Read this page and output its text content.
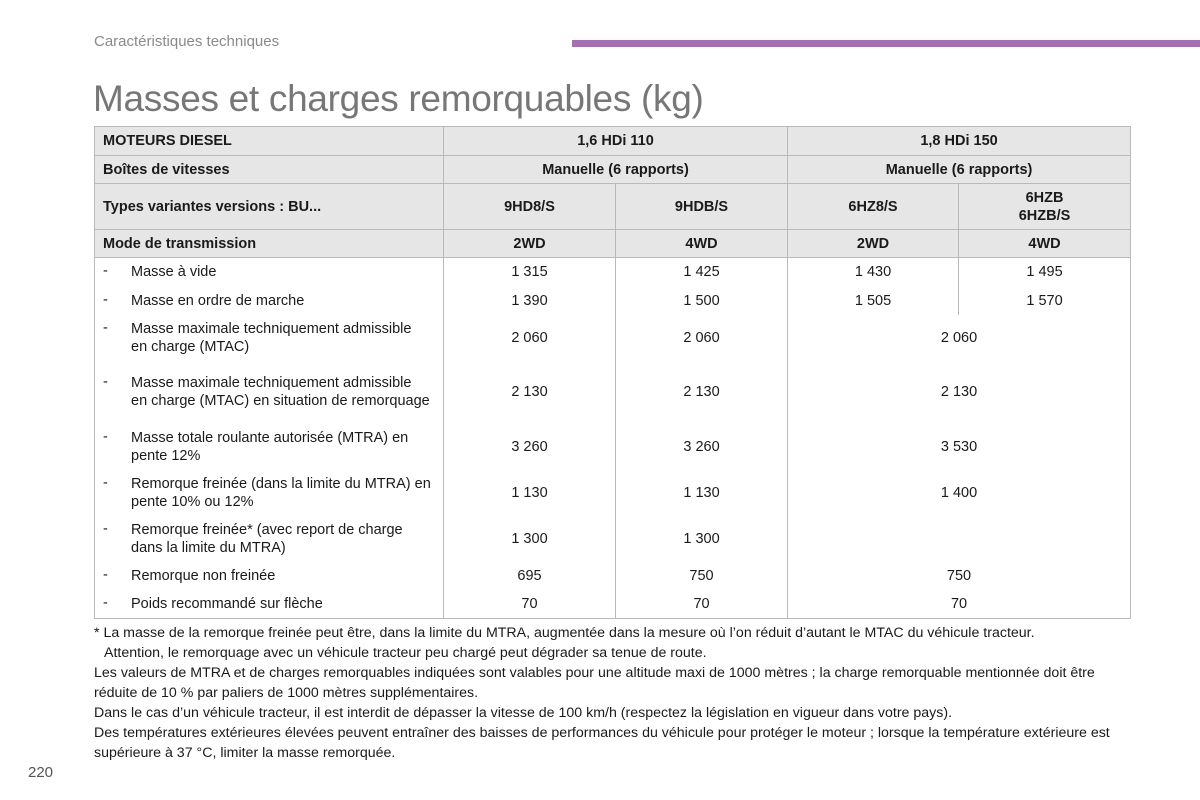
Caractéristiques techniques
Masses et charges remorquables (kg)
MOTEURS DIESEL	1,6 HDi 110		1,8 HDi 150	
Boîtes de vitesses	Manuelle (6 rapports)		Manuelle (6 rapports)	
Types variantes versions : BU...	9HD8/S	9HDB/S	6HZ8/S	6HZB
6HZB/S
Mode de transmission	2WD	4WD	2WD	4WD
- Masse à vide	1 315	1 425	1 430	1 495
- Masse en ordre de marche	1 390	1 500	1 505	1 570
- Masse maximale techniquement admissible en charge (MTAC)	2 060	2 060	2 060	
- Masse maximale techniquement admissible en charge (MTAC) en situation de remorquage	2 130	2 130	2 130	
- Masse totale roulante autorisée (MTRA) en pente 12%	3 260	3 260	3 530	
- Remorque freinée (dans la limite du MTRA) en pente 10% ou 12%	1 130	1 130	1 400	
- Remorque freinée* (avec report de charge dans la limite du MTRA)	1 300	1 300		
- Remorque non freinée	695	750	750	
- Poids recommandé sur flèche	70	70	70	

* La masse de la remorque freinée peut être, dans la limite du MTRA, augmentée dans la mesure où l’on réduit d’autant le MTAC du véhicule tracteur.

Attention, le remorquage avec un véhicule tracteur peu chargé peut dégrader sa tenue de route.

Les valeurs de MTRA et de charges remorquables indiquées sont valables pour une altitude maxi de 1000 mètres ; la charge remorquable mentionnée doit être réduite de 10 % par paliers de 1000 mètres supplémentaires.

Dans le cas d’un véhicule tracteur, il est interdit de dépasser la vitesse de 100 km/h (respectez la législation en vigueur dans votre pays).

Des températures extérieures élevées peuvent entraîner des baisses de performances du véhicule pour protéger le moteur ; lorsque la température extérieure est supérieure à 37 °C, limiter la masse remorquée.

220
